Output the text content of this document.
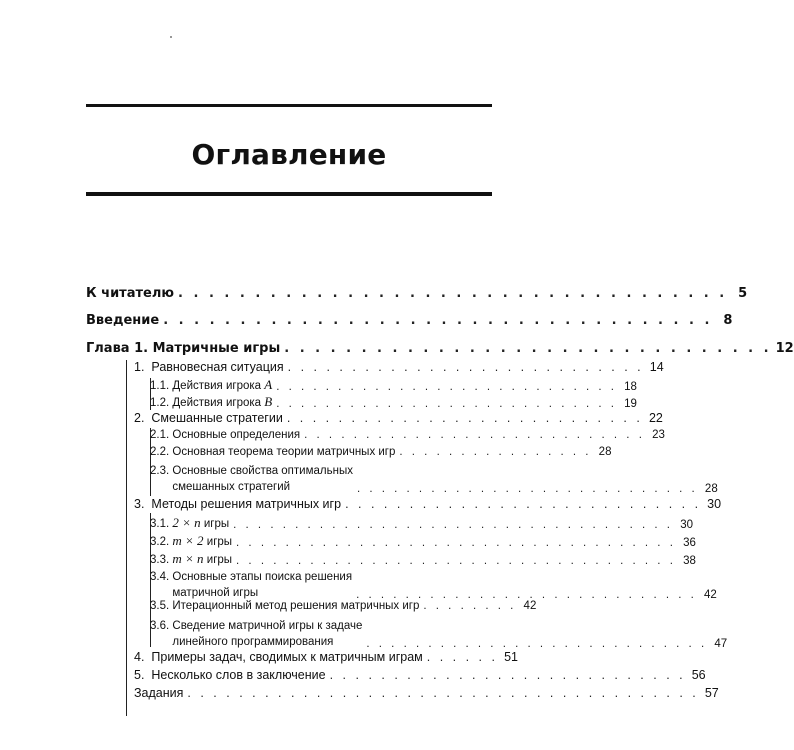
Оглавление
К читателю . . . . . . . . . . . . . . . . . . . . . . . . . . . . . . . . . . . . 5
Введение . . . . . . . . . . . . . . . . . . . . . . . . . . . . . . . . . . . . 8
Глава 1. Матричные игры . . . . . . . . . . . . . . . . . . . . . . . . . . . . . . . . 12
1. Равновесная ситуация . . . . . . . . . . . . . . . . . . . . . . . . . . . . 14
1.1. Действия игрока A . . . . . . . . . . . . . . . . . . . . . . . . . . . . 18
1.2. Действия игрока B . . . . . . . . . . . . . . . . . . . . . . . . . . . . 19
2. Смешанные стратегии . . . . . . . . . . . . . . . . . . . . . . . . . . . . 22
2.1. Основные определения . . . . . . . . . . . . . . . . . . . . . . . . . . . . 23
2.2. Основная теорема теории матричных игр . . . . . . . . . . . . . . . . 28
2.3. Основные свойства оптимальных
смешанных стратегий	. . . . . . . . . . . . . . . . . . . . . . . . . . . . 28
3. Методы решения матричных игр . . . . . . . . . . . . . . . . . . . . . . . . . . . . 30
3.1. 2 × n игры . . . . . . . . . . . . . . . . . . . . . . . . . . . . . . . . . . . . 30
3.2. m × 2 игры . . . . . . . . . . . . . . . . . . . . . . . . . . . . . . . . . . . . 36
3.3. m × n игры . . . . . . . . . . . . . . . . . . . . . . . . . . . . . . . . . . . . 38
3.4. Основные этапы поиска решения
матричной игры	. . . . . . . . . . . . . . . . . . . . . . . . . . . . 42
3.5. Итерационный метод решения матричных игр . . . . . . . . 42
3.6. Сведение матричной игры к задаче
линейного программирования	. . . . . . . . . . . . . . . . . . . . . . . . . . . . 47
4. Примеры задач, сводимых к матричным играм . . . . . . 51
5. Несколько слов в заключение . . . . . . . . . . . . . . . . . . . . . . . . . . . . 56
Задания . . . . . . . . . . . . . . . . . . . . . . . . . . . . . . . . . . . . . . . . 57
